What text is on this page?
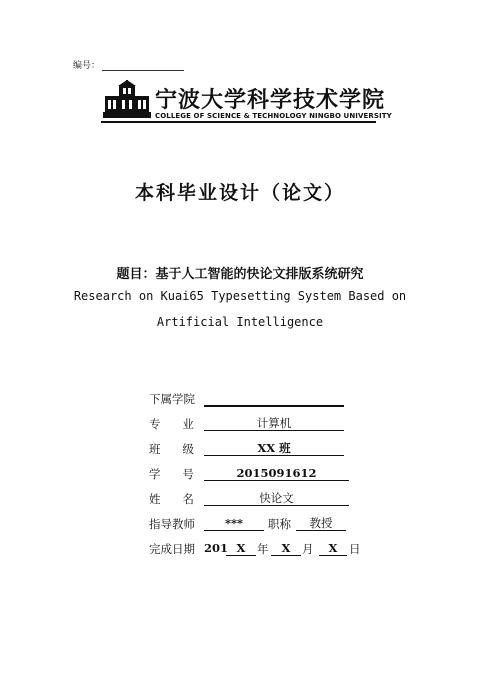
编号：
宁波大学科学技术学院
COLLEGE OF SCIENCE & TECHNOLOGY NINGBO UNIVERSITY
本科毕业设计（论文）
题目：基于人工智能的快论文排版系统研究
Research on Kuai65 Typesetting System Based on
Artificial Intelligence
下属学院
专      业	计算机
班      级	XX 班
学      号	2015091612
姓      名	快论文
指导教师	***	职称	教授
完成日期 201 X	年	X	月	X	日
